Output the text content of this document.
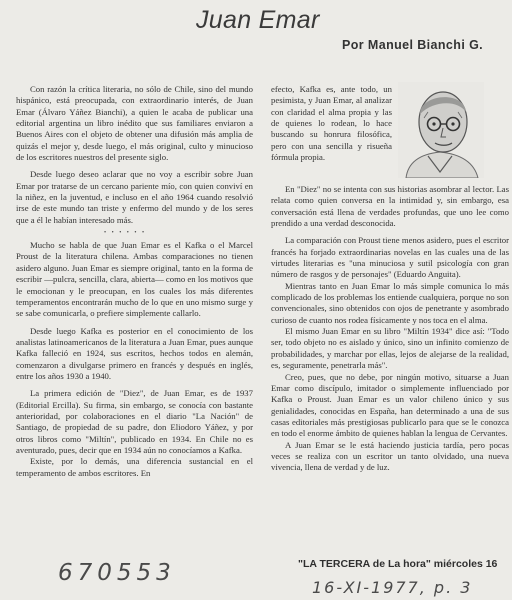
Juan Emar
Por Manuel Bianchi G.

Con razón la crítica literaria, no sólo de Chile, sino del mundo hispánico, está preocupada, con extraordinario interés, de Juan Emar (Álvaro Yáñez Bianchi), a quien le acaba de publicar una editorial argentina un libro inédito que sus familiares enviaron a Buenos Aires con el objeto de obtener una difusión más amplia de quizás el mejor y, desde luego, el más original, culto y minucioso de los escritores nuestros del presente siglo.

Desde luego deseo aclarar que no voy a escribir sobre Juan Emar por tratarse de un cercano pariente mío, con quien conviví en la niñez, en la juventud, e incluso en el año 1964 cuando resolvió irse de este mundo tan triste y enfermo del mundo y de los seres que a él le habían interesado más.

• • • • • •

Mucho se habla de que Juan Emar es el Kafka o el Marcel Proust de la literatura chilena. Ambas comparaciones no tienen asidero alguno. Juan Emar es siempre original, tanto en la forma de escribir —pulcra, sencilla, clara, abierta— como en los motivos que le emocionan y le preocupan, en los cuales los más diferentes temperamentos encontrarán mucho de lo que en uno mismo surge y se sabe comunicarla, o prefiere simplemente callarlo.

Desde luego Kafka es posterior en el conocimiento de los analistas latinoamericanos de la literatura a Juan Emar, pues aunque Kafka falleció en 1924, sus escritos, hechos todos en alemán, comenzaron a divulgarse primero en francés y después en inglés, entre los años 1930 a 1940.

La primera edición de "Diez", de Juan Emar, es de 1937 (Editorial Ercilla). Su firma, sin embargo, se conocía con bastante anterioridad, por colaboraciones en el diario "La Nación" de Santiago, de propiedad de su padre, don Eliodoro Yáñez, y por otros libros como "Miltín", publicado en 1934. En Chile no es aventurado, pues, decir que en 1934 aún no conocíamos a Kafka.

Existe, por lo demás, una diferencia sustancial en el temperamento de ambos escritores. En

efecto, Kafka es, ante todo, un pesimista, y Juan Emar, al analizar con claridad el alma propia y las de quienes lo rodean, lo hace buscando su honrura filosófica, pero con una sencilla y risueña fórmula propia.

En "Diez" no se intenta con sus historias asombrar al lector. Las relata como quien conversa en la intimidad y, sin embargo, esa conversación está llena de verdades profundas, que uno lee como prendido a una verdad desconocida.

La comparación con Proust tiene menos asidero, pues el escritor francés ha forjado extraordinarias novelas en las cuales una de las virtudes literarias es "una minuciosa y sutil psicología con gran número de rasgos y de personajes" (Eduardo Anguita).

Mientras tanto en Juan Emar lo más simple comunica lo más complicado de los problemas los entiende cualquiera, porque no son convencionales, sino obtenidos con ojos de penetrante y asombrado curioso de cuanto nos rodea físicamente y nos toca en el alma.

El mismo Juan Emar en su libro "Miltín 1934" dice así: "Todo ser, todo objeto no es aislado y único, sino un infinito comienzo de probabilidades, y marchar por ellas, lejos de alejarse de la realidad, es, seguramente, penetrarla más".

Creo, pues, que no debe, por ningún motivo, situarse a Juan Emar como discípulo, imitador o simplemente influenciado por Kafka o Proust. Juan Emar es un valor chileno único y sus genialidades, conocidas en España, han determinado a una de sus casas editoriales más prestigiosas publicarlo para que se le conozca en todo el enorme ámbito de quienes hablan la lengua de Cervantes.

A Juan Emar se le está haciendo justicia tardía, pero pocas veces se realiza con un escritor un tanto olvidado, una nueva vivencia, llena de verdad y de luz.

"LA TERCERA de La hora" miércoles 16
670553
16-XI-1977, p. 3
